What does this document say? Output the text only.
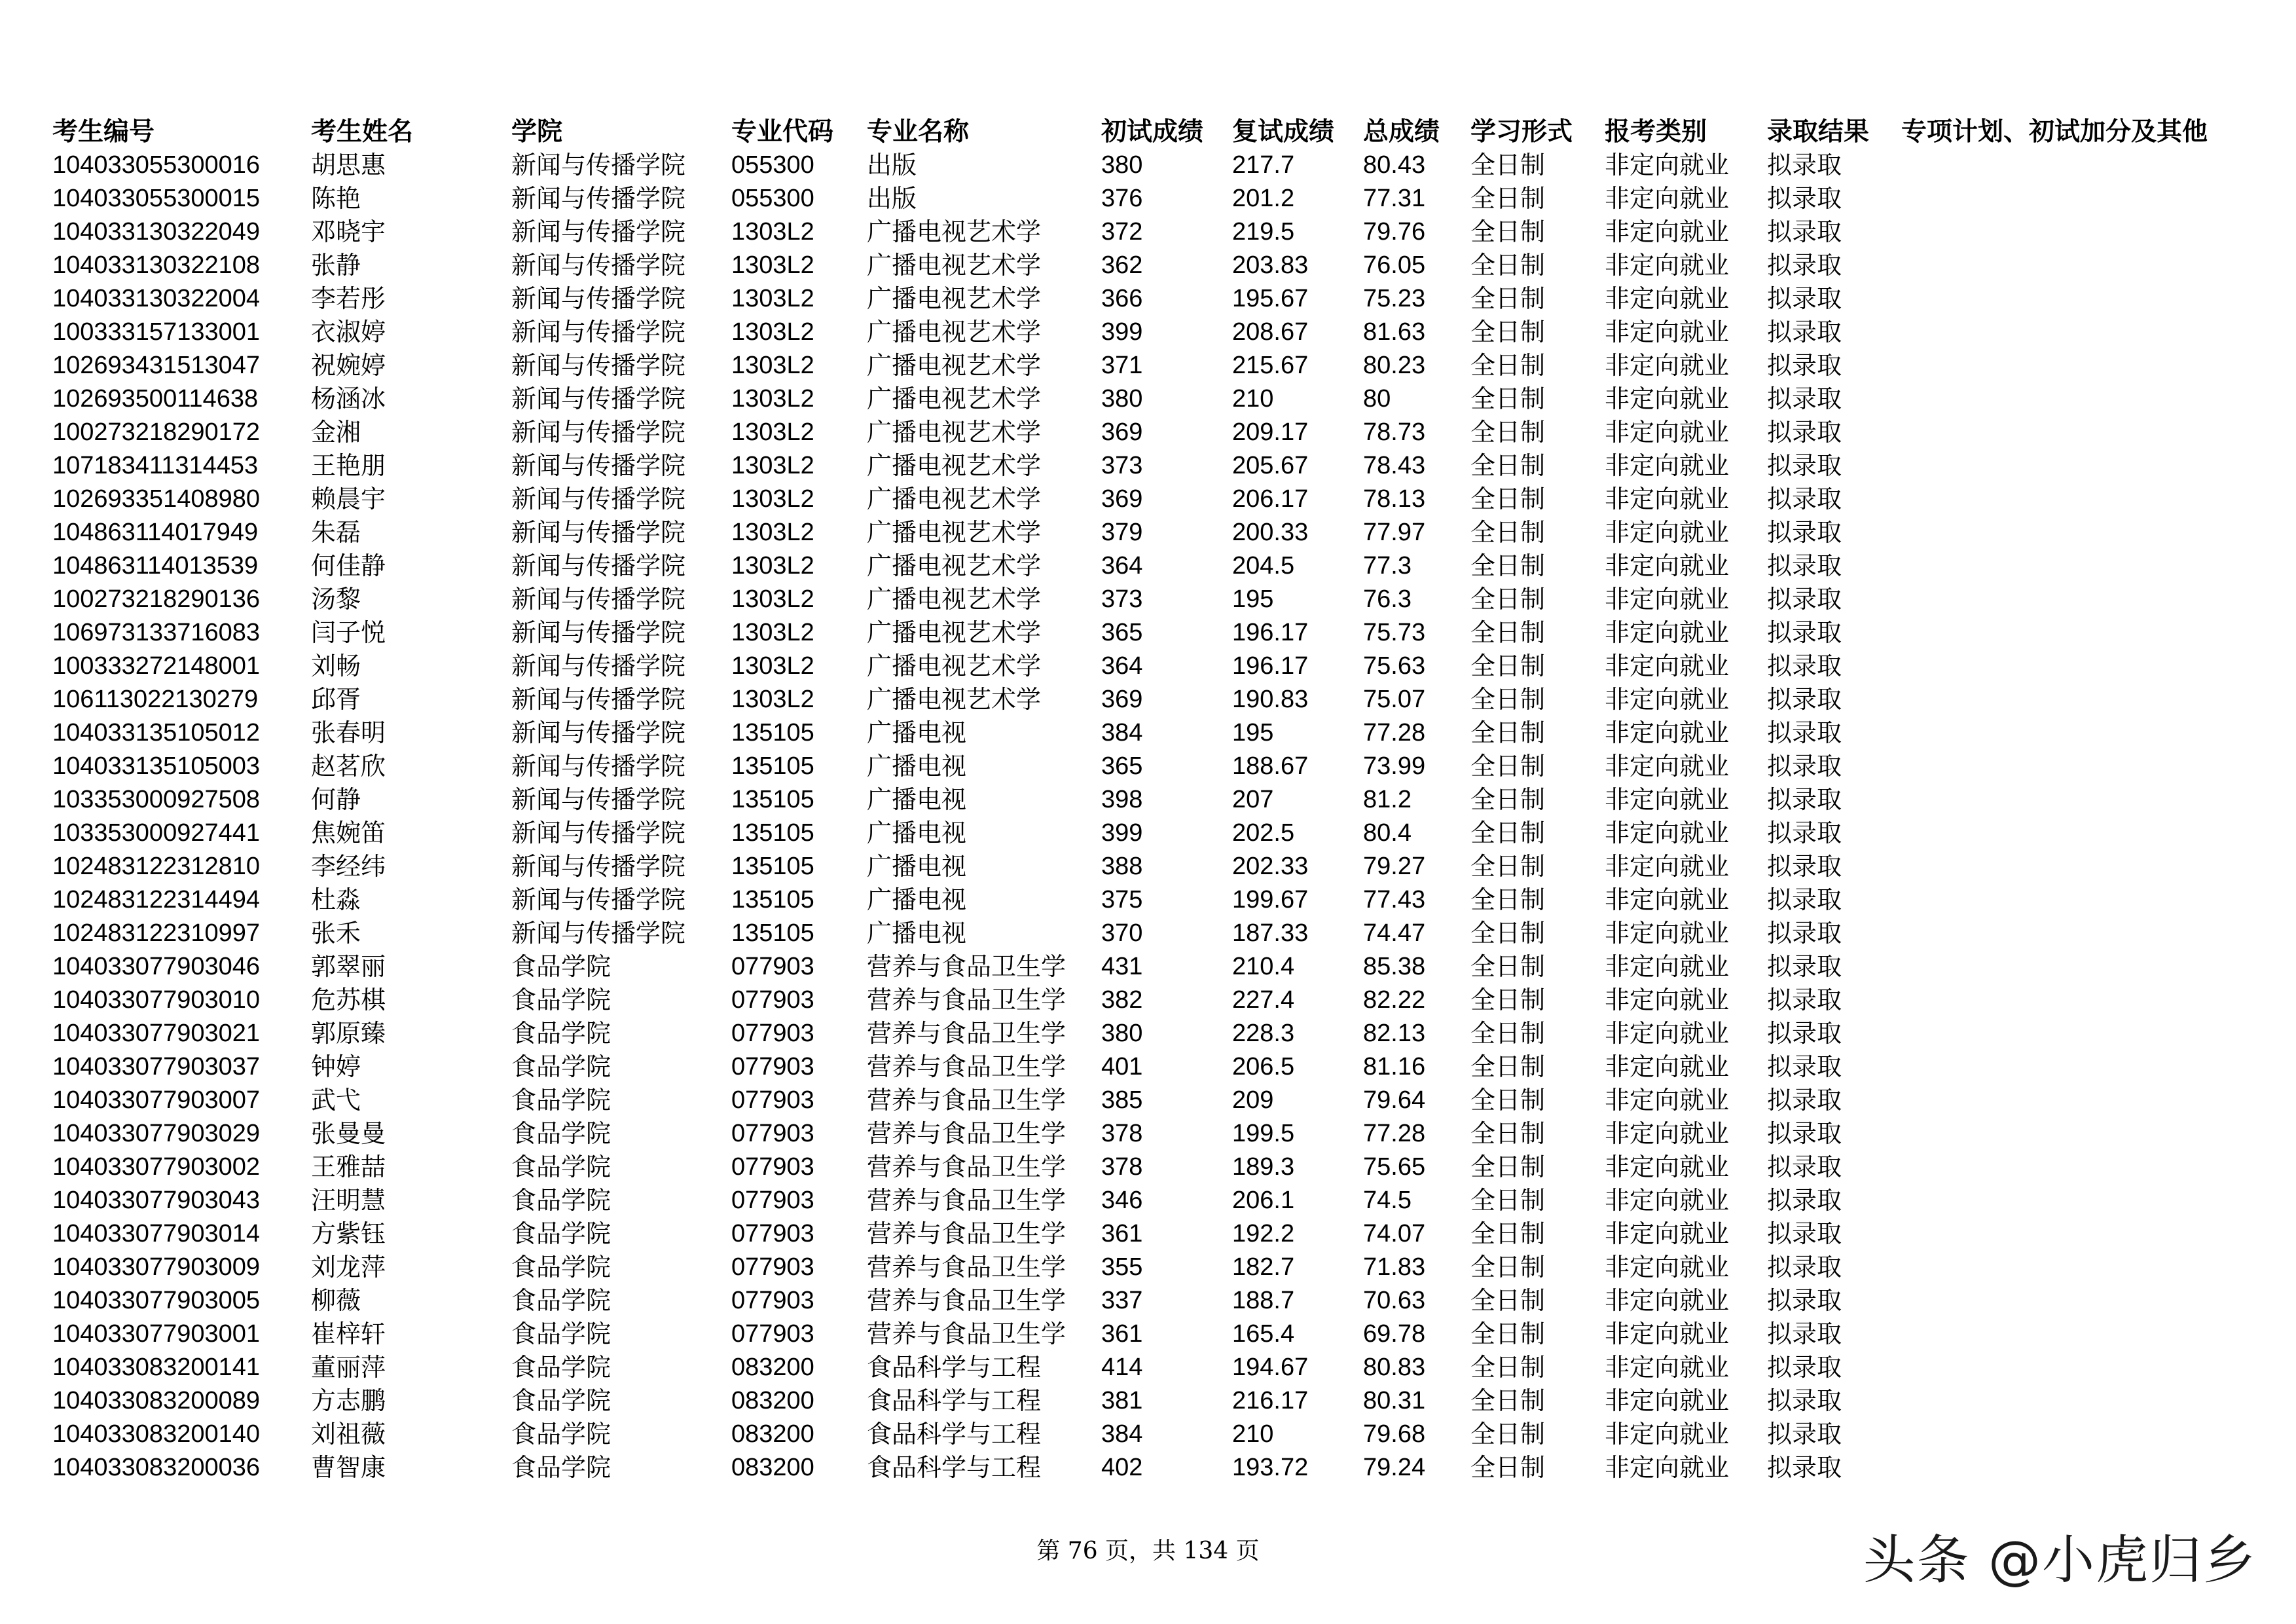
考生编号	考生姓名	学院	专业代码	专业名称	初试成绩	复试成绩	总成绩	学习形式	报考类别	录取结果	专项计划、初试加分及其他
104033055300016	胡思惠	新闻与传播学院	055300	出版	380	217.7	80.43	全日制	非定向就业	拟录取	
104033055300015	陈艳	新闻与传播学院	055300	出版	376	201.2	77.31	全日制	非定向就业	拟录取	
104033130322049	邓晓宇	新闻与传播学院	1303L2	广播电视艺术学	372	219.5	79.76	全日制	非定向就业	拟录取	
104033130322108	张静	新闻与传播学院	1303L2	广播电视艺术学	362	203.83	76.05	全日制	非定向就业	拟录取	
104033130322004	李若彤	新闻与传播学院	1303L2	广播电视艺术学	366	195.67	75.23	全日制	非定向就业	拟录取	
100333157133001	衣淑婷	新闻与传播学院	1303L2	广播电视艺术学	399	208.67	81.63	全日制	非定向就业	拟录取	
102693431513047	祝婉婷	新闻与传播学院	1303L2	广播电视艺术学	371	215.67	80.23	全日制	非定向就业	拟录取	
102693500114638	杨涵冰	新闻与传播学院	1303L2	广播电视艺术学	380	210	80	全日制	非定向就业	拟录取	
100273218290172	金湘	新闻与传播学院	1303L2	广播电视艺术学	369	209.17	78.73	全日制	非定向就业	拟录取	
107183411314453	王艳朋	新闻与传播学院	1303L2	广播电视艺术学	373	205.67	78.43	全日制	非定向就业	拟录取	
102693351408980	赖晨宇	新闻与传播学院	1303L2	广播电视艺术学	369	206.17	78.13	全日制	非定向就业	拟录取	
104863114017949	朱磊	新闻与传播学院	1303L2	广播电视艺术学	379	200.33	77.97	全日制	非定向就业	拟录取	
104863114013539	何佳静	新闻与传播学院	1303L2	广播电视艺术学	364	204.5	77.3	全日制	非定向就业	拟录取	
100273218290136	汤黎	新闻与传播学院	1303L2	广播电视艺术学	373	195	76.3	全日制	非定向就业	拟录取	
106973133716083	闫子悦	新闻与传播学院	1303L2	广播电视艺术学	365	196.17	75.73	全日制	非定向就业	拟录取	
100333272148001	刘畅	新闻与传播学院	1303L2	广播电视艺术学	364	196.17	75.63	全日制	非定向就业	拟录取	
106113022130279	邱胥	新闻与传播学院	1303L2	广播电视艺术学	369	190.83	75.07	全日制	非定向就业	拟录取	
104033135105012	张春明	新闻与传播学院	135105	广播电视	384	195	77.28	全日制	非定向就业	拟录取	
104033135105003	赵茗欣	新闻与传播学院	135105	广播电视	365	188.67	73.99	全日制	非定向就业	拟录取	
103353000927508	何静	新闻与传播学院	135105	广播电视	398	207	81.2	全日制	非定向就业	拟录取	
103353000927441	焦婉笛	新闻与传播学院	135105	广播电视	399	202.5	80.4	全日制	非定向就业	拟录取	
102483122312810	李经纬	新闻与传播学院	135105	广播电视	388	202.33	79.27	全日制	非定向就业	拟录取	
102483122314494	杜淼	新闻与传播学院	135105	广播电视	375	199.67	77.43	全日制	非定向就业	拟录取	
102483122310997	张禾	新闻与传播学院	135105	广播电视	370	187.33	74.47	全日制	非定向就业	拟录取	
104033077903046	郭翠丽	食品学院	077903	营养与食品卫生学	431	210.4	85.38	全日制	非定向就业	拟录取	
104033077903010	危苏棋	食品学院	077903	营养与食品卫生学	382	227.4	82.22	全日制	非定向就业	拟录取	
104033077903021	郭原臻	食品学院	077903	营养与食品卫生学	380	228.3	82.13	全日制	非定向就业	拟录取	
104033077903037	钟婷	食品学院	077903	营养与食品卫生学	401	206.5	81.16	全日制	非定向就业	拟录取	
104033077903007	武弋	食品学院	077903	营养与食品卫生学	385	209	79.64	全日制	非定向就业	拟录取	
104033077903029	张曼曼	食品学院	077903	营养与食品卫生学	378	199.5	77.28	全日制	非定向就业	拟录取	
104033077903002	王雅喆	食品学院	077903	营养与食品卫生学	378	189.3	75.65	全日制	非定向就业	拟录取	
104033077903043	汪明慧	食品学院	077903	营养与食品卫生学	346	206.1	74.5	全日制	非定向就业	拟录取	
104033077903014	方紫钰	食品学院	077903	营养与食品卫生学	361	192.2	74.07	全日制	非定向就业	拟录取	
104033077903009	刘龙萍	食品学院	077903	营养与食品卫生学	355	182.7	71.83	全日制	非定向就业	拟录取	
104033077903005	柳薇	食品学院	077903	营养与食品卫生学	337	188.7	70.63	全日制	非定向就业	拟录取	
104033077903001	崔梓轩	食品学院	077903	营养与食品卫生学	361	165.4	69.78	全日制	非定向就业	拟录取	
104033083200141	董丽萍	食品学院	083200	食品科学与工程	414	194.67	80.83	全日制	非定向就业	拟录取	
104033083200089	方志鹏	食品学院	083200	食品科学与工程	381	216.17	80.31	全日制	非定向就业	拟录取	
104033083200140	刘祖薇	食品学院	083200	食品科学与工程	384	210	79.68	全日制	非定向就业	拟录取	
104033083200036	曹智康	食品学院	083200	食品科学与工程	402	193.72	79.24	全日制	非定向就业	拟录取	
第 76 页，共 134 页	头条 @小虎归乡
